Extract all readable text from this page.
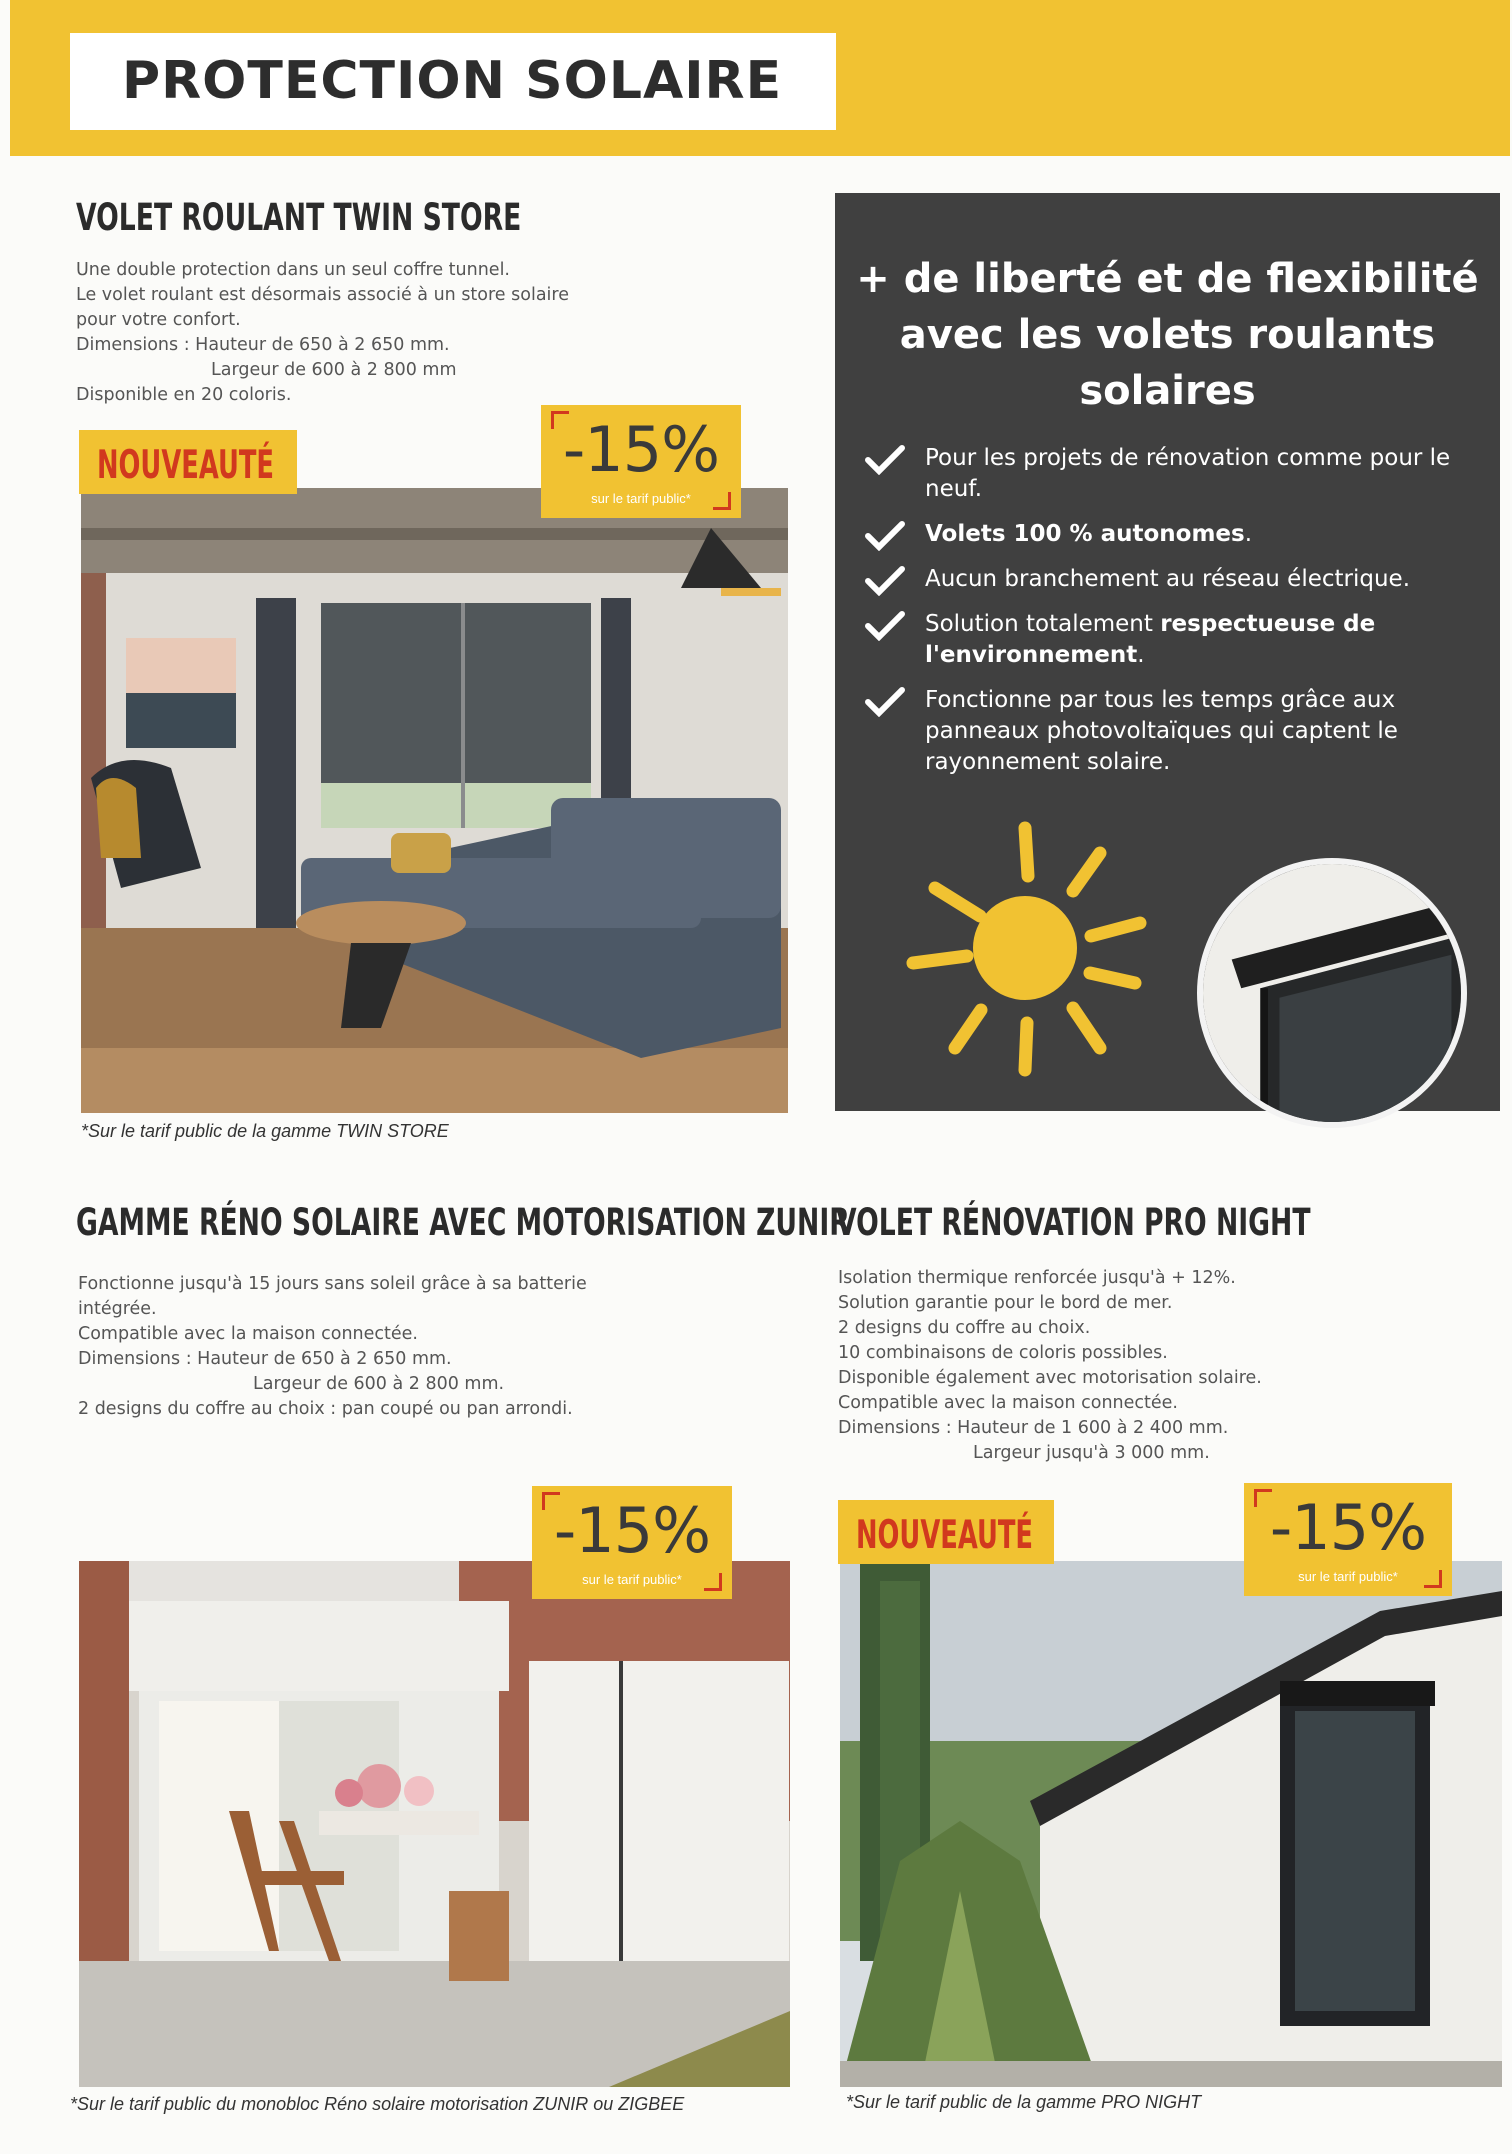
PROTECTION SOLAIRE
VOLET ROULANT TWIN STORE
Une double protection dans un seul coffre tunnel.
Le volet roulant est désormais associé à un store solaire
pour votre confort.
Dimensions : Hauteur de 650 à 2 650 mm.
Largeur de 600 à 2 800 mm
Disponible en 20 coloris.
NOUVEAUTÉ	-15%
sur le tarif public*
*Sur le tarif public de la gamme TWIN STORE
+ de liberté et de flexibilité
avec les volets roulants
solaires
Pour les projets de rénovation comme pour le neuf.
Volets 100 % autonomes.
Aucun branchement au réseau électrique.
Solution totalement respectueuse de l'environnement.
Fonctionne par tous les temps grâce aux panneaux photovoltaïques qui captent le rayonnement solaire.
GAMME RÉNO SOLAIRE AVEC MOTORISATION ZUNIR
Fonctionne jusqu'à 15 jours sans soleil grâce à sa batterie
intégrée.
Compatible avec la maison connectée.
Dimensions : Hauteur de 650 à 2 650 mm.
Largeur de 600 à 2 800 mm.
2 designs du coffre au choix : pan coupé ou pan arrondi.
-15%
sur le tarif public*
*Sur le tarif public du monobloc Réno solaire motorisation ZUNIR ou ZIGBEE
VOLET RÉNOVATION PRO NIGHT
Isolation thermique renforcée jusqu'à + 12%.
Solution garantie pour le bord de mer.
2 designs du coffre au choix.
10 combinaisons de coloris possibles.
Disponible également avec motorisation solaire.
Compatible avec la maison connectée.
Dimensions : Hauteur de 1 600 à 2 400 mm.
Largeur jusqu'à 3 000 mm.
NOUVEAUTÉ	-15%
sur le tarif public*
*Sur le tarif public de la gamme PRO NIGHT
